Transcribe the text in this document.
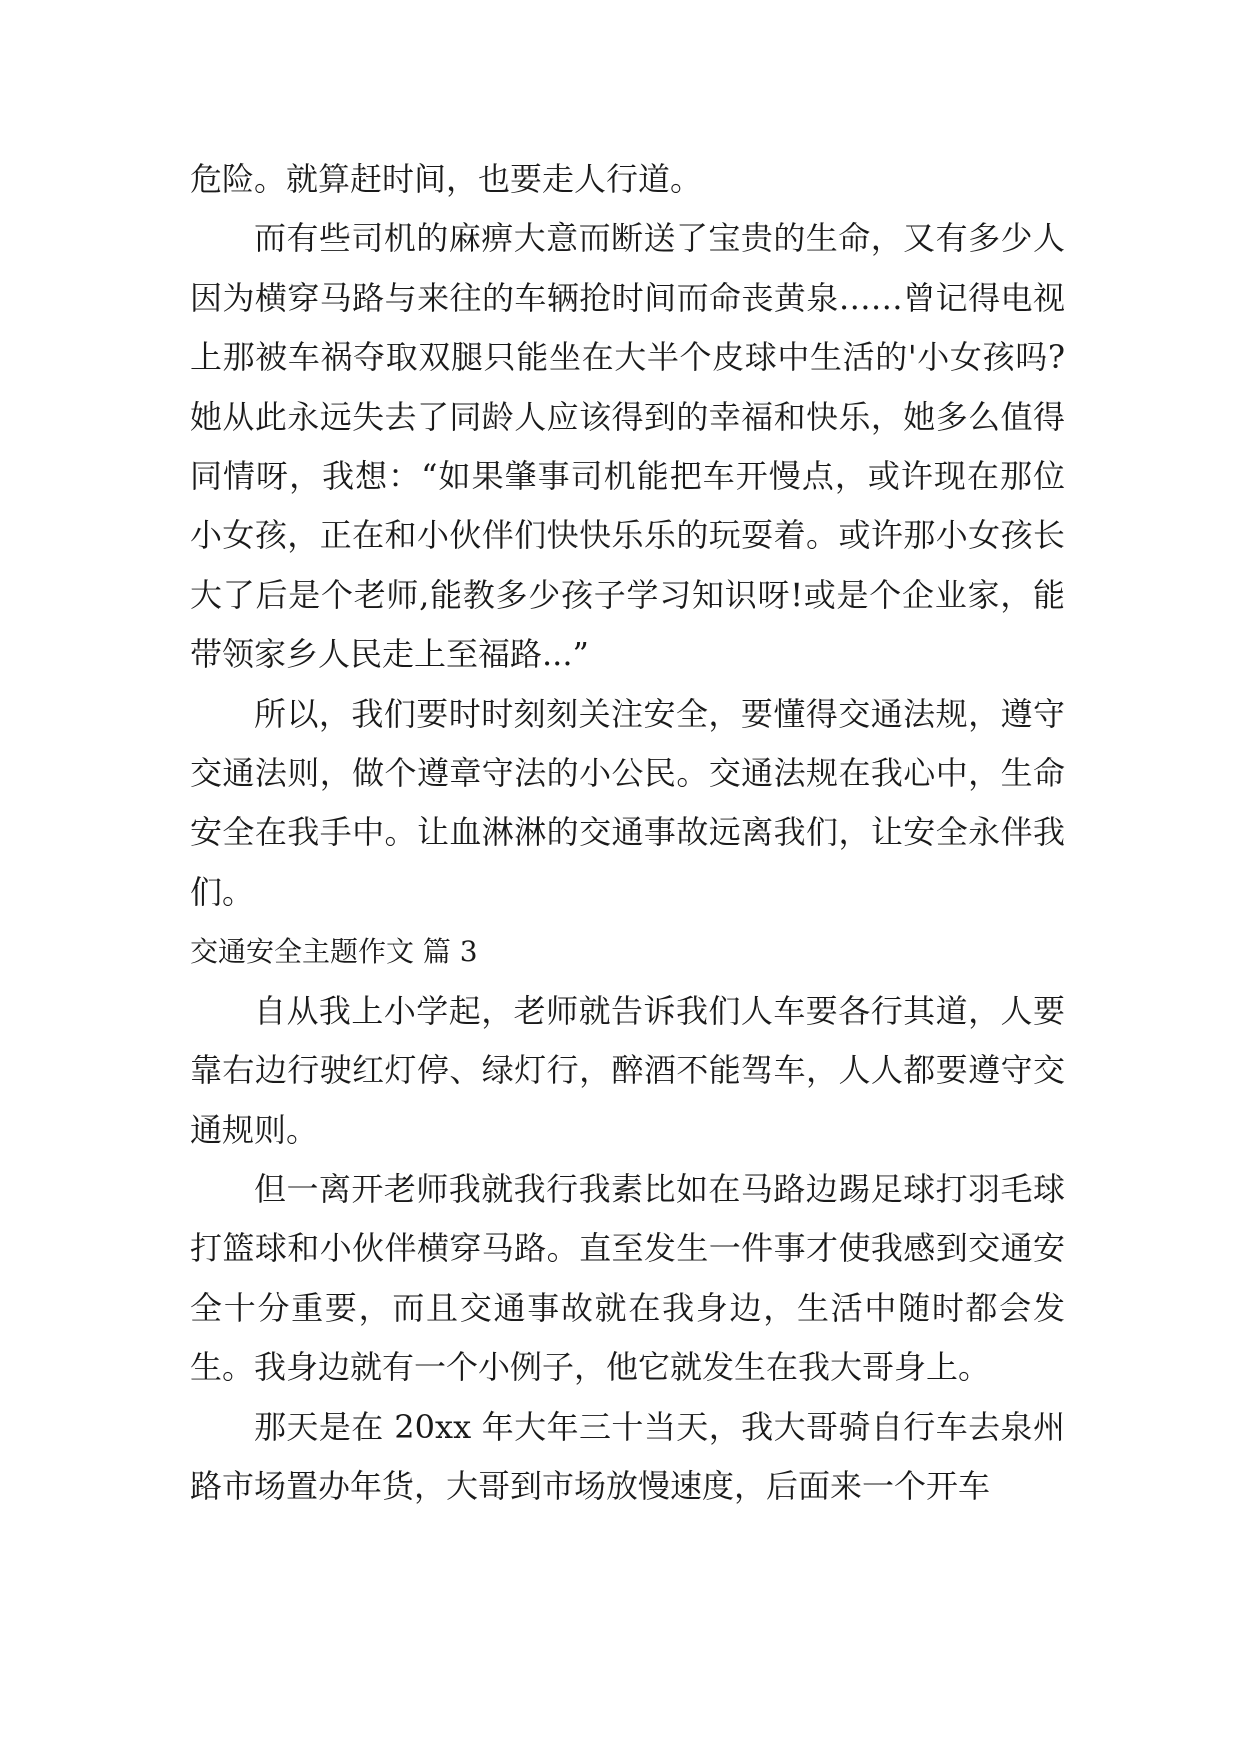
危险。就算赶时间，也要走人行道。

而有些司机的麻痹大意而断送了宝贵的生命，又有多少人因为横穿马路与来往的车辆抢时间而命丧黄泉……曾记得电视上那被车祸夺取双腿只能坐在大半个皮球中生活的'小女孩吗?她从此永远失去了同龄人应该得到的幸福和快乐，她多么值得同情呀，我想：“如果肇事司机能把车开慢点，或许现在那位小女孩，正在和小伙伴们快快乐乐的玩耍着。或许那小女孩长大了后是个老师,能教多少孩子学习知识呀!或是个企业家，能带领家乡人民走上至福路...”

所以，我们要时时刻刻关注安全，要懂得交通法规，遵守交通法则，做个遵章守法的小公民。交通法规在我心中，生命安全在我手中。让血淋淋的交通事故远离我们，让安全永伴我们。

交通安全主题作文 篇 3

自从我上小学起，老师就告诉我们人车要各行其道，人要靠右边行驶红灯停、绿灯行，醉酒不能驾车，人人都要遵守交通规则。

但一离开老师我就我行我素比如在马路边踢足球打羽毛球打篮球和小伙伴横穿马路。直至发生一件事才使我感到交通安全十分重要，而且交通事故就在我身边，生活中随时都会发生。我身边就有一个小例子，他它就发生在我大哥身上。

那天是在 20xx 年大年三十当天，我大哥骑自行车去泉州路市场置办年货，大哥到市场放慢速度，后面来一个开车
